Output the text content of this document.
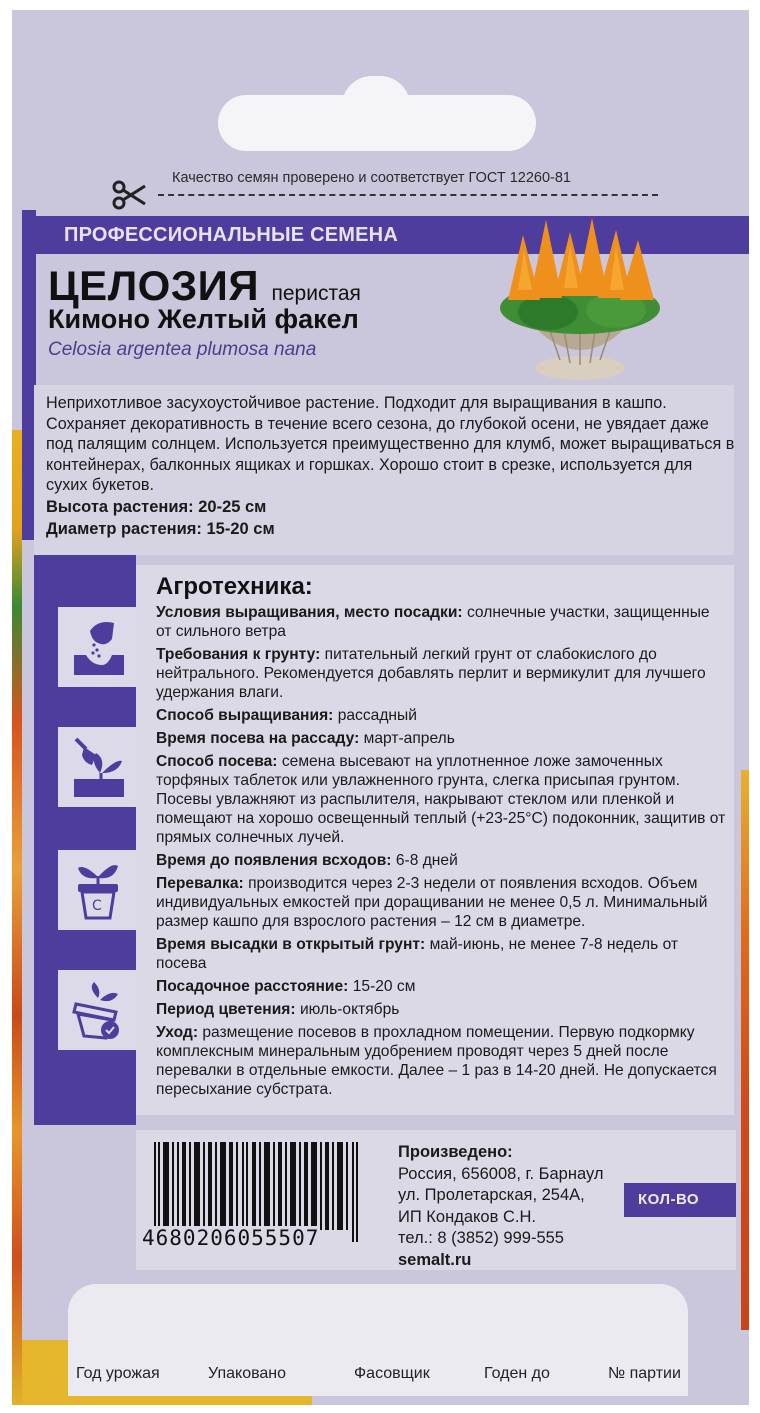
Качество семян проверено и соответствует ГОСТ 12260-81
ПРОФЕССИОНАЛЬНЫЕ СЕМЕНА
ЦЕЛОЗИЯ перистая
Кимоно Желтый факел
Celosia argentea plumosa nana

Неприхотливое засухоустойчивое растение. Подходит для выращивания в кашпо. Сохраняет декоративность в течение всего сезона, до глубокой осени, не увядает даже под палящим солнцем. Используется преимущественно для клумб, может выращиваться в контейнерах, балконных ящиках и горшках. Хорошо стоит в срезке, используется для сухих букетов.

Высота растения: 20-25 см

Диаметр растения: 15-20 см

C
Агротехника:

Условия выращивания, место посадки: солнечные участки, защищенные от сильного ветра

Требования к грунту: питательный легкий грунт от слабокислого до нейтрального. Рекомендуется добавлять перлит и вермикулит для лучшего удержания влаги.

Способ выращивания: рассадный

Время посева на рассаду: март-апрель

Способ посева: семена высевают на уплотненное ложе замоченных торфяных таблеток или увлажненного грунта, слегка присыпая грунтом. Посевы увлажняют из распылителя, накрывают стеклом или пленкой и помещают на хорошо освещенный теплый (+23-25°С) подоконник, защитив от прямых солнечных лучей.

Время до появления всходов: 6-8 дней

Перевалка: производится через 2-3 недели от появления всходов. Объем индивидуальных емкостей при доращивании не менее 0,5 л. Минимальный размер кашпо для взрослого растения – 12 см в диаметре.

Время высадки в открытый грунт: май-июнь, не менее 7-8 недель от посева

Посадочное расстояние: 15-20 см

Период цветения: июль-октябрь

Уход: размещение посевов в прохладном помещении. Первую подкормку комплексным минеральным удобрением проводят через 5 дней после перевалки в отдельные емкости. Далее – 1 раз в 14-20 дней. Не допускается пересыхание субстрата.

4680206055507
Произведено:
Россия, 656008, г. Барнаул
ул. Пролетарская, 254А,
ИП Кондаков С.Н.
тел.: 8 (3852) 999-555
semalt.ru
КОЛ-ВО
Год урожая	Упаковано	Фасовщик	Годен до	№ партии
